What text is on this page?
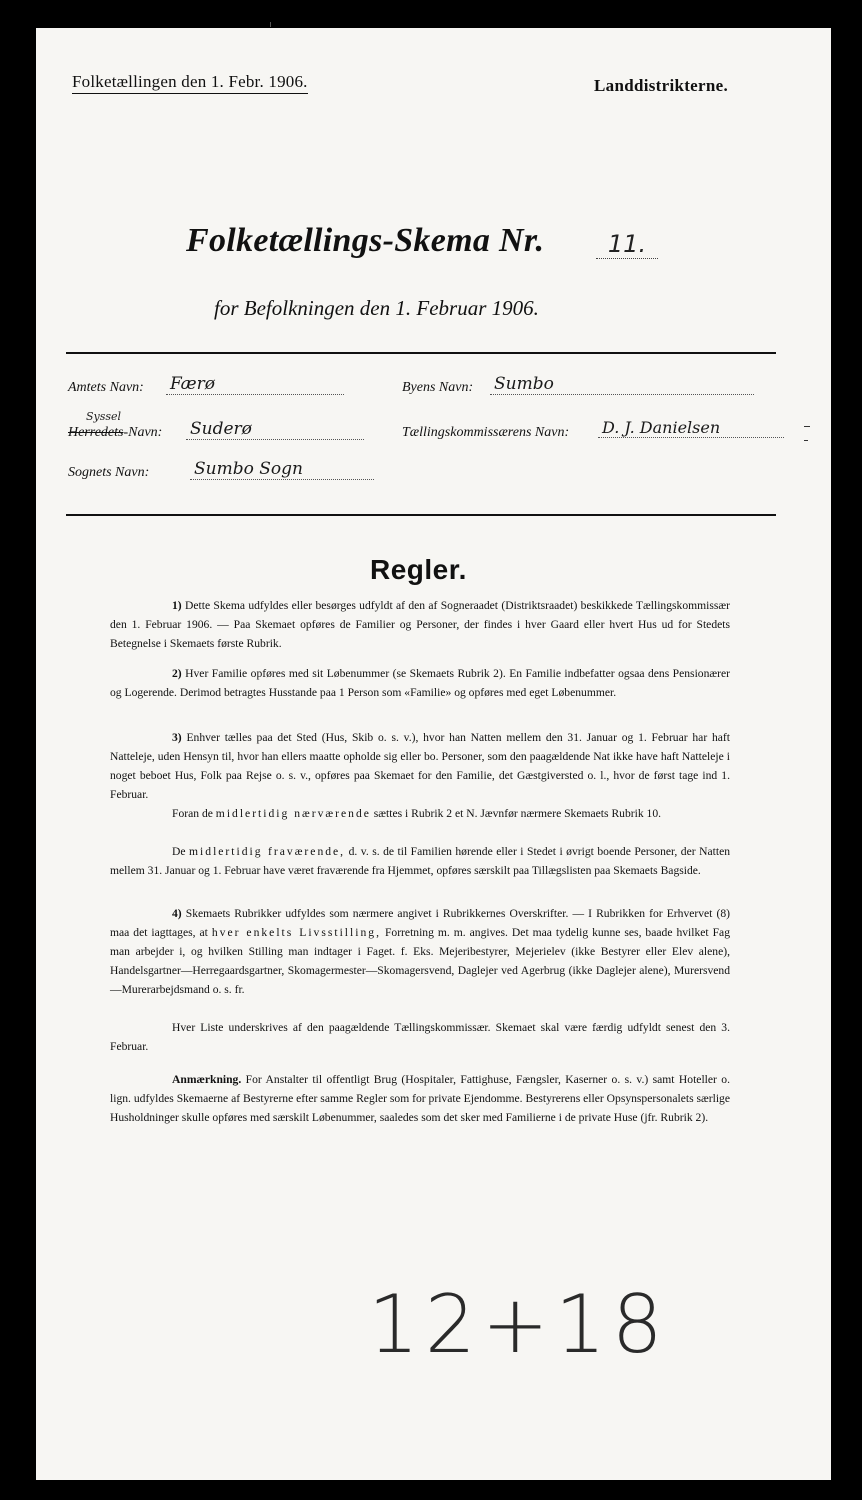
Folketællingen den 1. Febr. 1906.	Landdistrikterne.
Folketællings-Skema Nr.	11.
for Befolkningen den 1. Februar 1906.
Amtets Navn: Færø	Byens Navn: Sumbo
Syssel
Herredets-Navn: Suderø	Tællingskommissærens Navn: D. J. Danielsen
Sognets Navn:	Sumbo Sogn
Regler.
1) Dette Skema udfyldes eller besørges udfyldt af den af Sogneraadet (Distriktsraadet) beskikkede Tællingskommissær den 1. Februar 1906. — Paa Skemaet opføres de Familier og Personer, der findes i hver Gaard eller hvert Hus ud for Stedets Betegnelse i Skemaets første Rubrik.
2) Hver Familie opføres med sit Løbenummer (se Skemaets Rubrik 2). En Familie indbefatter ogsaa dens Pensionærer og Logerende. Derimod betragtes Husstande paa 1 Person som «Familie» og opføres med eget Løbenummer.
3) Enhver tælles paa det Sted (Hus, Skib o. s. v.), hvor han Natten mellem den 31. Januar og 1. Februar har haft Natteleje, uden Hensyn til, hvor han ellers maatte opholde sig eller bo. Personer, som den paagældende Nat ikke have haft Natteleje i noget beboet Hus, Folk paa Rejse o. s. v., opføres paa Skemaet for den Familie, det Gæstgiversted o. l., hvor de først tage ind 1. Februar.
Foran de midlertidig nærværende sættes i Rubrik 2 et N. Jævnfør nærmere Skemaets Rubrik 10.
De midlertidig fraværende, d. v. s. de til Familien hørende eller i Stedet i øvrigt boende Personer, der Natten mellem 31. Januar og 1. Februar have været fraværende fra Hjemmet, opføres særskilt paa Tillægslisten paa Skemaets Bagside.
4) Skemaets Rubrikker udfyldes som nærmere angivet i Rubrikkernes Overskrifter. — I Rubrikken for Erhvervet (8) maa det iagttages, at hver enkelts Livsstilling, Forretning m. m. angives. Det maa tydelig kunne ses, baade hvilket Fag man arbejder i, og hvilken Stilling man indtager i Faget. f. Eks. Mejeribestyrer, Mejerielev (ikke Bestyrer eller Elev alene), Handelsgartner—Herregaardsgartner, Skomagermester—Skomagersvend, Daglejer ved Agerbrug (ikke Daglejer alene), Murersvend—Murerarbejdsmand o. s. fr.
Hver Liste underskrives af den paagældende Tællingskommissær. Skemaet skal være færdig udfyldt senest den 3. Februar.
Anmærkning. For Anstalter til offentligt Brug (Hospitaler, Fattighuse, Fængsler, Kaserner o. s. v.) samt Hoteller o. lign. udfyldes Skemaerne af Bestyrerne efter samme Regler som for private Ejendomme. Bestyrerens eller Opsynspersonalets særlige Husholdninger skulle opføres med særskilt Løbenummer, saaledes som det sker med Familierne i de private Huse (jfr. Rubrik 2).
12+18
